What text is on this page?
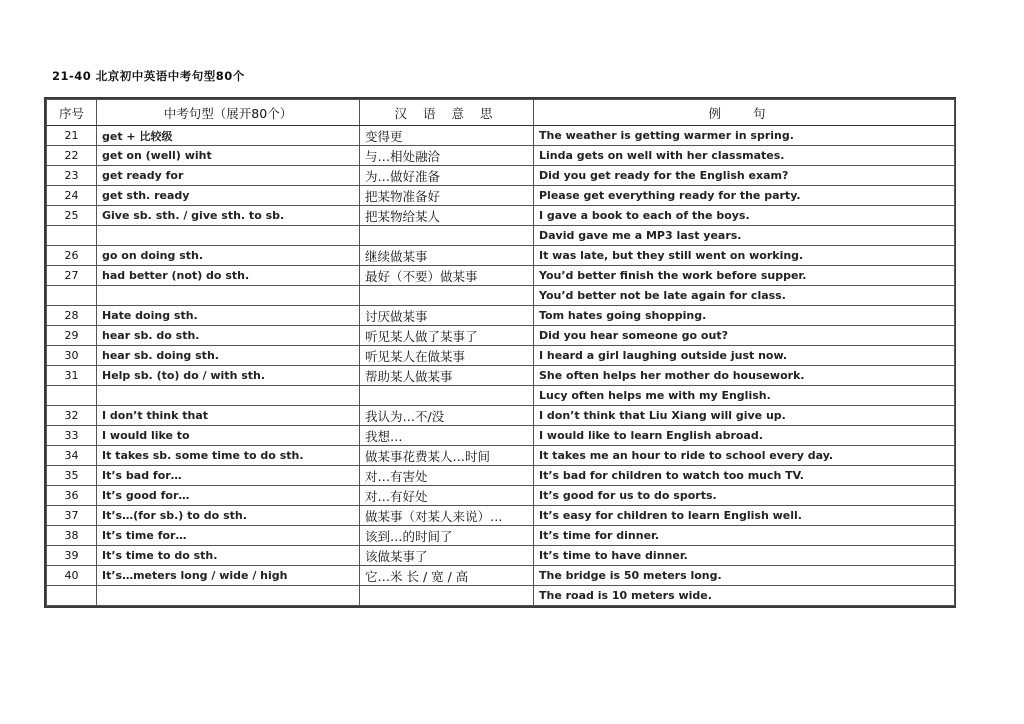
21-40 北京初中英语中考句型80个
序号	中考句型（展开80个）	汉 语 意 思	例 句
21	get + 比较级	变得更	The weather is getting warmer in spring.
22	get on (well) wiht	与…相处融洽	Linda gets on well with her classmates.
23	get ready for	为…做好准备	Did you get ready for the English exam?
24	get sth. ready	把某物准备好	Please get everything ready for the party.
25	Give sb. sth. / give sth. to sb.	把某物给某人	I gave a book to each of the boys.
			David gave me a MP3 last years.
26	go on doing sth.	继续做某事	It was late, but they still went on working.
27	had better (not) do sth.	最好（不要）做某事	You’d better finish the work before supper.
			You’d better not be late again for class.
28	Hate doing sth.	讨厌做某事	Tom hates going shopping.
29	hear sb. do sth.	听见某人做了某事了	Did you hear someone go out?
30	hear sb. doing sth.	听见某人在做某事	I heard a girl laughing outside just now.
31	Help sb. (to) do / with sth.	帮助某人做某事	She often helps her mother do housework.
			Lucy often helps me with my English.
32	I don’t think that	我认为…不/没	I don’t think that Liu Xiang will give up.
33	I would like to	我想…	I would like to learn English abroad.
34	It takes sb. some time to do sth.	做某事花费某人…时间	It takes me an hour to ride to school every day.
35	It’s bad for…	对…有害处	It’s bad for children to watch too much TV.
36	It’s good for…	对…有好处	It’s good for us to do sports.
37	It’s…(for sb.) to do sth.	做某事（对某人来说）…	It’s easy for children to learn English well.
38	It’s time for…	该到…的时间了	It’s time for dinner.
39	It’s time to do sth.	该做某事了	It’s time to have dinner.
40	It’s…meters long / wide / high	它…米 长 / 宽 / 高	The bridge is 50 meters long.
			The road is 10 meters wide.
